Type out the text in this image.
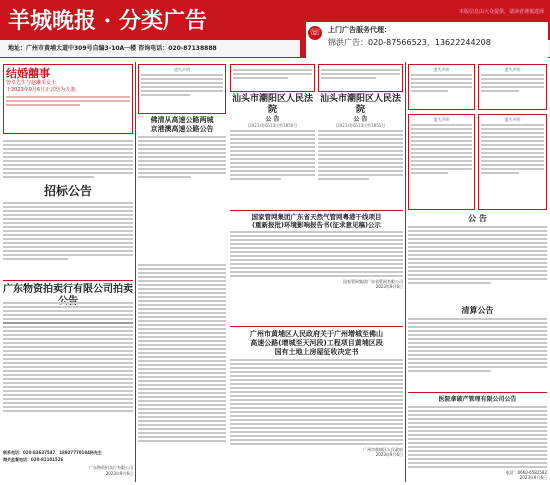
羊城晚报 · 分类广告	本版信息由大众提供，请读者谨慎选择
地址：广州市黄埔大道中309号自编3-10A一楼 咨询电话：020-87138888
☏ 上门广告服务代理：
锦洪广告：020-87566523，13622244208
结婚囍事
曾卓先生与赵琳美女士
于2023年9月6日正式结为夫妻。
招标公告
广东物资拍卖行有限公司拍卖
联系电话：020-83637547、18927770184杨先生
海关监督电话：020-81101526
广东物资拍卖行有限公司
2023年9月6日
遗失声明
佛清从高速公路两城
京港澳高速公路公告
汕头市潮阳区人民法院
公 告
(2023)粤0513民特1850号
汕头市潮阳区人民法院
公 告
(2023)粤0513民特1855号
国家管网集团广东省天然气管网粤港干线项目
(重新报批)环境影响报告书(征求意见稿)公示
国家管网集团广东省管网有限公司
2023年9月6日
广州市黄埔区人民政府关于广州增城至佛山
高速公路(增城至天河段)工程项目黄埔区段
国有土地上房屋征收决定书
广州市黄埔区人民政府
2023年9月6日
遗失声明	遗失声明
遗失声明	遗失声明
公 告
清算公告
医院拿破产管理有限公司公告
电话：0660-6582582
2023年9月6日
